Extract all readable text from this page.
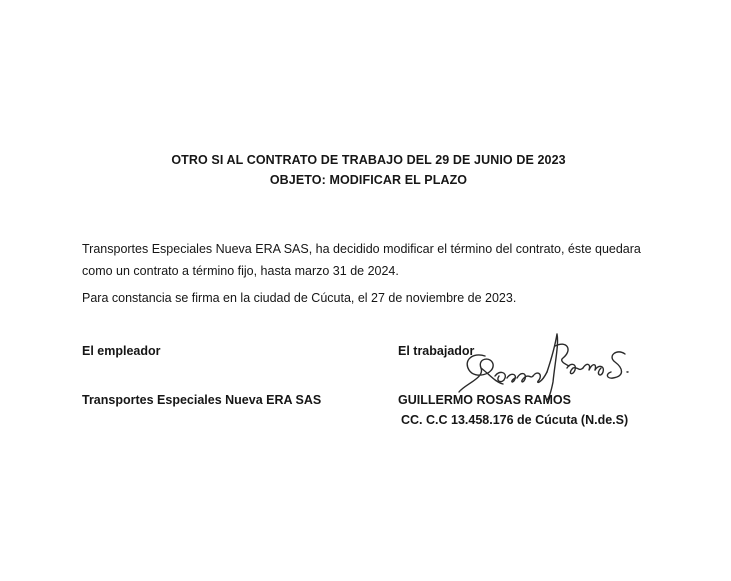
OTRO SI AL CONTRATO DE TRABAJO DEL 29 DE JUNIO DE 2023
OBJETO: MODIFICAR EL PLAZO
Transportes Especiales Nueva ERA SAS, ha decidido modificar el término del contrato, éste quedara
como un contrato a término fijo, hasta marzo 31 de 2024.
Para constancia se firma en la ciudad de Cúcuta, el 27 de noviembre de 2023.
El empleador	El trabajador
Transportes Especiales Nueva ERA SAS	GUILLERMO ROSAS RAMOS
CC. C.C 13.458.176 de Cúcuta (N.de.S)
